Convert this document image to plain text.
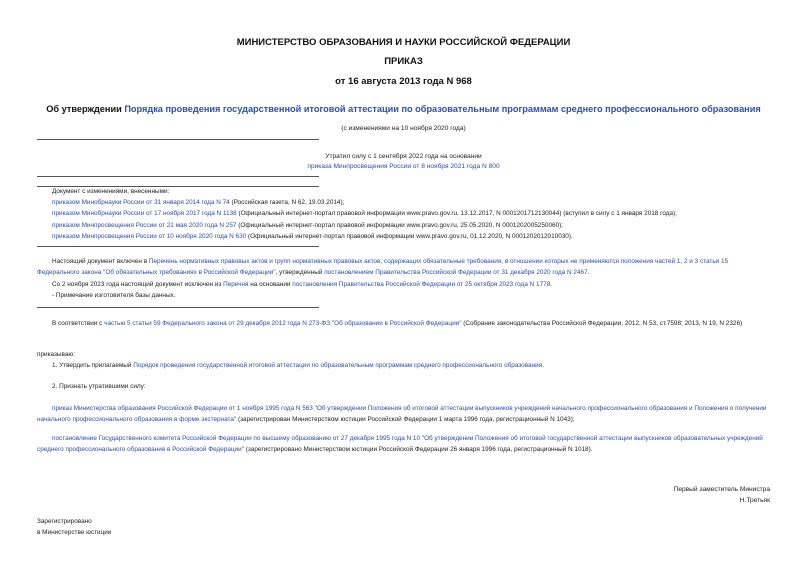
МИНИСТЕРСТВО ОБРАЗОВАНИЯ И НАУКИ РОССИЙСКОЙ ФЕДЕРАЦИИ
ПРИКАЗ
от 16 августа 2013 года N 968
Об утверждении Порядка проведения государственной итоговой аттестации по образовательным программам среднего профессионального образования
(с изменениями на 10 ноября 2020 года)
Утратил силу с 1 сентября 2022 года на основании
приказа Минпросвещения России от 8 ноября 2021 года N 800
Документ с изменениями, внесенными:
приказом Минобрнауки России от 31 января 2014 года N 74 (Российская газета, N 62, 19.03.2014);
приказом Минобрнауки России от 17 ноября 2017 года N 1138 (Официальный интернет-портал правовой информации www.pravo.gov.ru, 13.12.2017, N 0001201712130044) (вступил в силу с 1 января 2018 года);
приказом Минпросвещения России от 21 мая 2020 года N 257 (Официальный интернет-портал правовой информации www.pravo.gov.ru, 25.05.2020, N 0001202005250060);
приказом Минпросвещения России от 10 ноября 2020 года N 630 (Официальный интернет-портал правовой информации www.pravo.gov.ru, 01.12.2020, N 0001202012010030).
Настоящий документ включен в Перечень нормативных правовых актов и групп нормативных правовых актов, содержащих обязательные требования, в отношении которых не применяются положения частей 1, 2 и 3 статьи 15 Федерального закона "Об обязательных требованиях в Российской Федерации", утвержденный постановлением Правительства Российской Федерации от 31 декабря 2020 года N 2467.
Со 2 ноября 2023 года настоящий документ исключен из Перечня на основании постановления Правительства Российской Федерации от 25 октября 2023 года N 1778.
- Примечание изготовителя базы данных.
В соответствии с частью 5 статьи 59 Федерального закона от 29 декабря 2012 года N 273-ФЗ "Об образовании в Российской Федерации" (Собрание законодательства Российской Федерации, 2012, N 53, ст.7598; 2013, N 19, N 2326)
приказываю:
1. Утвердить прилагаемый Порядок проведения государственной итоговой аттестации по образовательным программам среднего профессионального образования.
2. Признать утратившими силу:
приказ Министерства образования Российской Федерации от 1 ноября 1995 года N 563 "Об утверждении Положения об итоговой аттестации выпускников учреждений начального профессионального образования и Положения о получении начального профессионального образования в форме экстерната" (зарегистрирован Министерством юстиции Российской Федерации 1 марта 1996 года, регистрационный N 1043);
постановление Государственного комитета Российской Федерации по высшему образованию от 27 декабря 1995 года N 10 "Об утверждении Положения об итоговой государственной аттестации выпускников образовательных учреждений среднего профессионального образования в Российской Федерации" (зарегистрировано Министерством юстиции Российской Федерации 26 января 1996 года, регистрационный N 1018).
Первый заместитель Министра
Н.Третьяк
Зарегистрировано
в Министерстве юстиции
